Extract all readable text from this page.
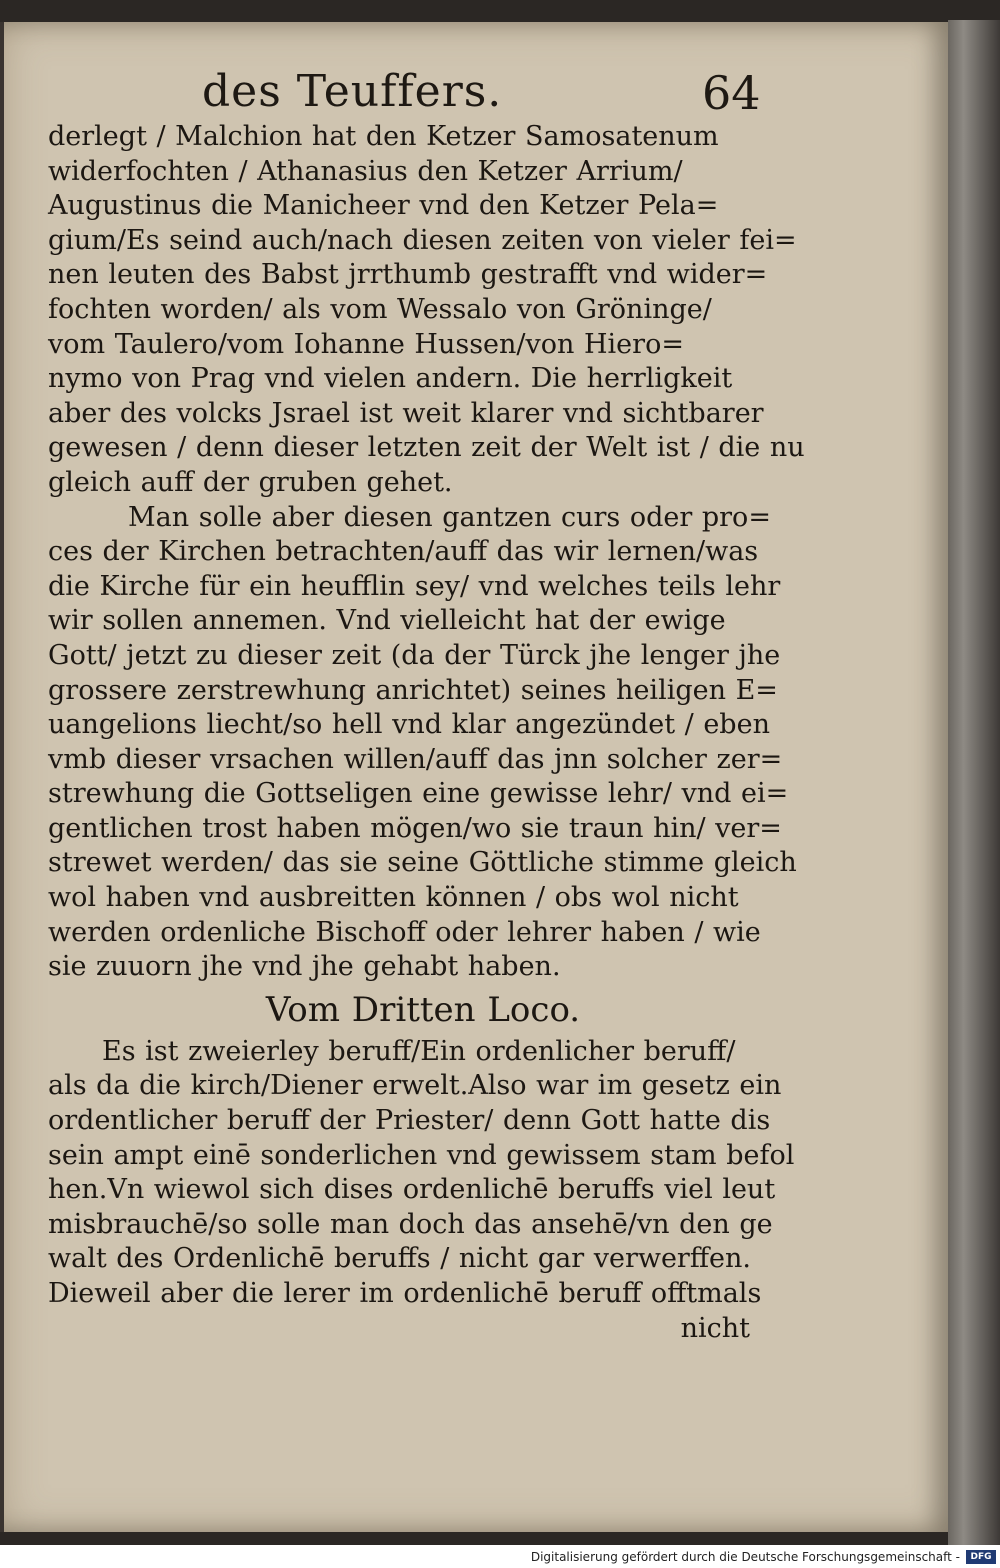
des Teuffers.	64
derlegt / Malchion hat den Ketzer Samosatenum
widerfochten / Athanasius den Ketzer Arrium/
Augustinus die Manicheer vnd den Ketzer Pela=
gium/Es seind auch/nach diesen zeiten von vieler fei=
nen leuten des Babst jrrthumb gestrafft vnd wider=
fochten worden/ als vom Wessalo von Gröninge/
vom Taulero/vom Iohanne Hussen/von Hiero=
nymo von Prag vnd vielen andern. Die herrligkeit
aber des volcks Jsrael ist weit klarer vnd sichtbarer
gewesen / denn dieser letzten zeit der Welt ist / die nu
gleich auff der gruben gehet.
Man solle aber diesen gantzen curs oder pro=
ces der Kirchen betrachten/auff das wir lernen/was
die Kirche für ein heufflin sey/ vnd welches teils lehr
wir sollen annemen. Vnd vielleicht hat der ewige
Gott/ jetzt zu dieser zeit (da der Türck jhe lenger jhe
grossere zerstrewhung anrichtet) seines heiligen E=
uangelions liecht/so hell vnd klar angezündet / eben
vmb dieser vrsachen willen/auff das jnn solcher zer=
strewhung die Gottseligen eine gewisse lehr/ vnd ei=
gentlichen trost haben mögen/wo sie traun hin/ ver=
strewet werden/ das sie seine Göttliche stimme gleich
wol haben vnd ausbreitten können / obs wol nicht
werden ordenliche Bischoff oder lehrer haben / wie
sie zuuorn jhe vnd jhe gehabt haben.
Vom Dritten Loco.
Es ist zweierley beruff/Ein ordenlicher beruff/
als da die kirch/Diener erwelt.Also war im gesetz ein
ordentlicher beruff der Priester/ denn Gott hatte dis
sein ampt einē sonderlichen vnd gewissem stam befol
hen.Vn wiewol sich dises ordenlichē beruffs viel leut
misbrauchē/so solle man doch das ansehē/vn den ge
walt des Ordenlichē beruffs / nicht gar verwerffen.
Dieweil aber die lerer im ordenlichē beruff offtmals
nicht
Digitalisierung gefördert durch die Deutsche Forschungsgemeinschaft -	DFG
